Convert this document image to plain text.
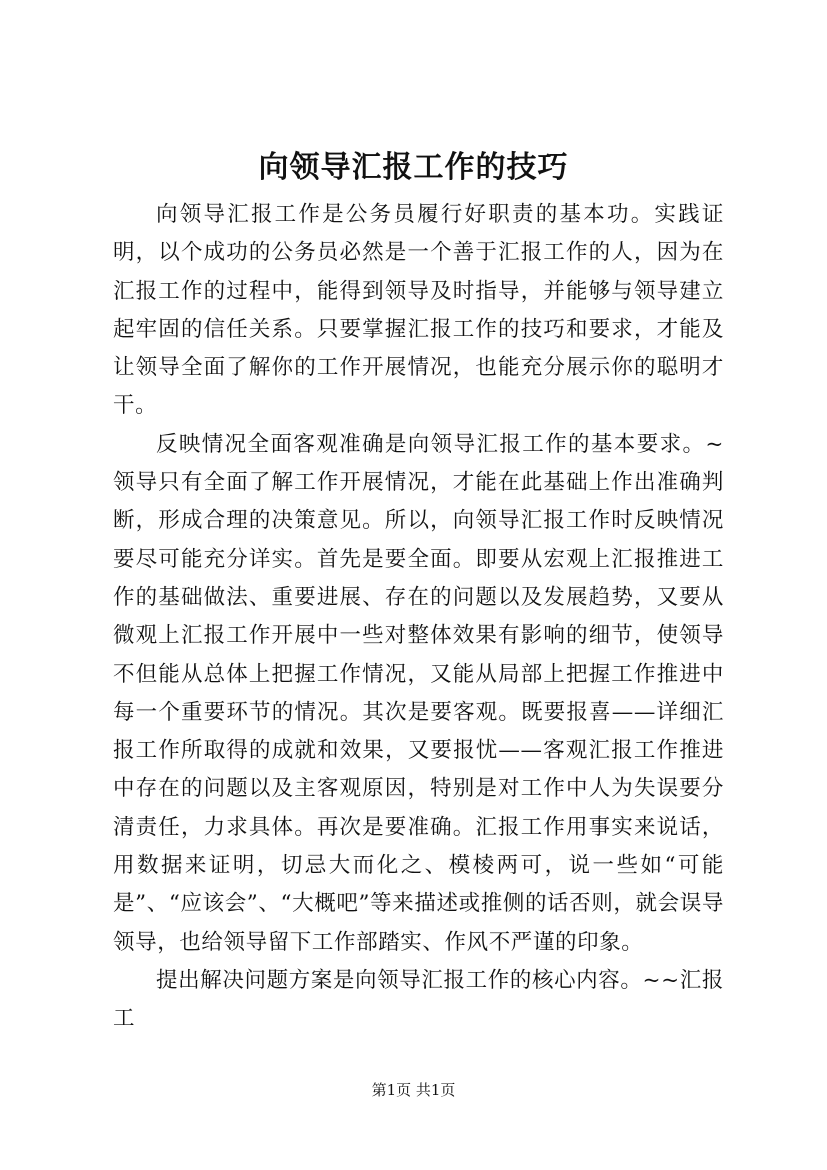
向领导汇报工作的技巧

向领导汇报工作是公务员履行好职责的基本功。实践证明，以个成功的公务员必然是一个善于汇报工作的人，因为在汇报工作的过程中，能得到领导及时指导，并能够与领导建立起牢固的信任关系。只要掌握汇报工作的技巧和要求，才能及让领导全面了解你的工作开展情况，也能充分展示你的聪明才干。

反映情况全面客观准确是向领导汇报工作的基本要求。~领导只有全面了解工作开展情况，才能在此基础上作出准确判断，形成合理的决策意见。所以，向领导汇报工作时反映情况要尽可能充分详实。首先是要全面。即要从宏观上汇报推进工作的基础做法、重要进展、存在的问题以及发展趋势，又要从微观上汇报工作开展中一些对整体效果有影响的细节，使领导不但能从总体上把握工作情况，又能从局部上把握工作推进中每一个重要环节的情况。其次是要客观。既要报喜——详细汇报工作所取得的成就和效果，又要报忧——客观汇报工作推进中存在的问题以及主客观原因，特别是对工作中人为失误要分清责任，力求具体。再次是要准确。汇报工作用事实来说话，用数据来证明，切忌大而化之、模棱两可，说一些如“可能是”、“应该会”、“大概吧”等来描述或推侧的话否则，就会误导领导，也给领导留下工作部踏实、作风不严谨的印象。

提出解决问题方案是向领导汇报工作的核心内容。~~汇报工

第1页 共1页
